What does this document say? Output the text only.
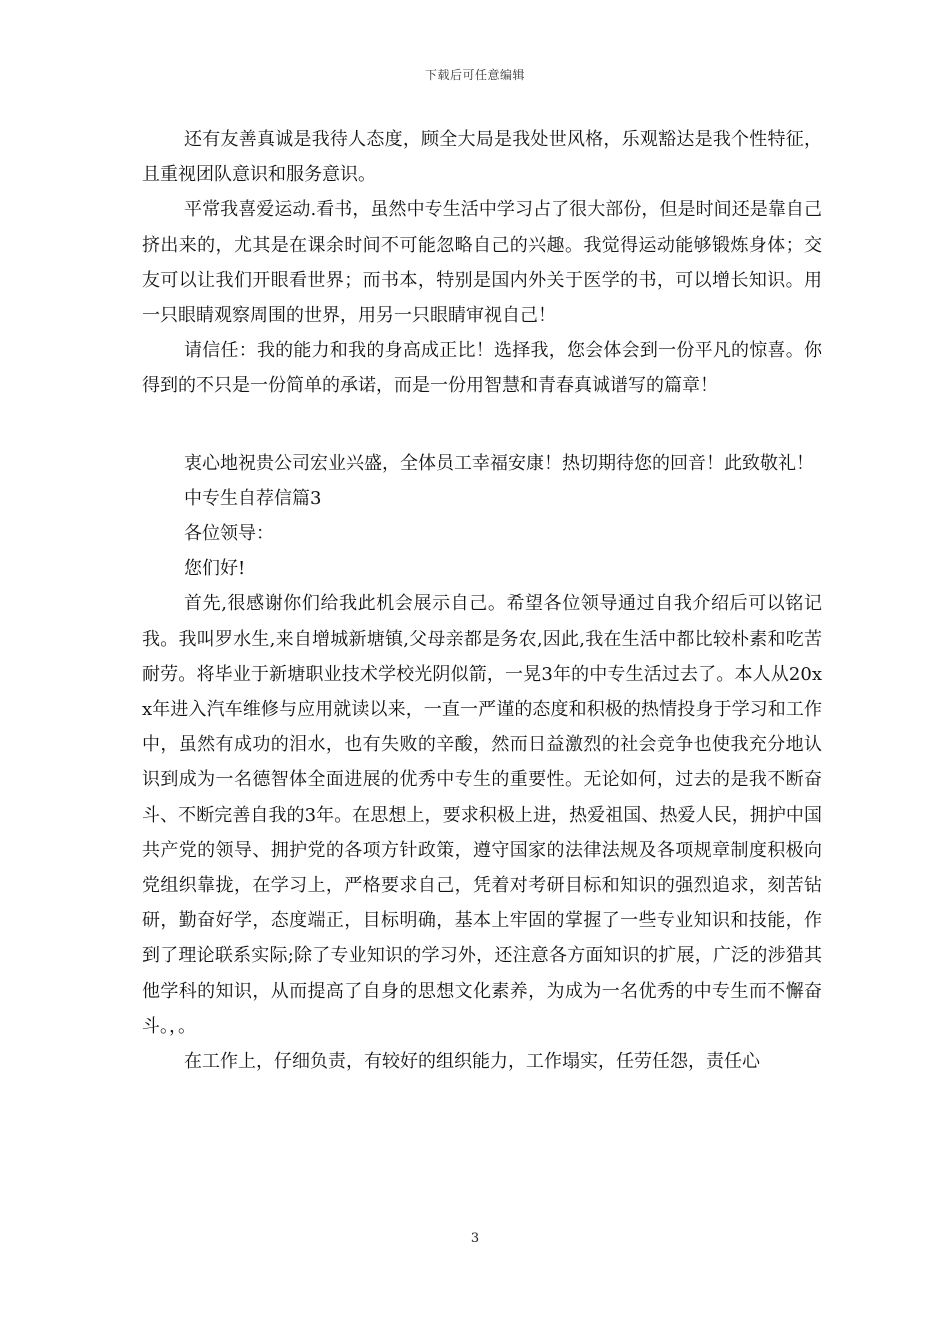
下载后可任意编辑

还有友善真诚是我待人态度，顾全大局是我处世风格，乐观豁达是我个性特征，且重视团队意识和服务意识。

平常我喜爱运动.看书，虽然中专生活中学习占了很大部份，但是时间还是靠自己挤出来的，尤其是在课余时间不可能忽略自己的兴趣。我觉得运动能够锻炼身体；交友可以让我们开眼看世界；而书本，特别是国内外关于医学的书，可以增长知识。用一只眼睛观察周围的世界，用另一只眼睛审视自己！

请信任：我的能力和我的身高成正比！选择我，您会体会到一份平凡的惊喜。你得到的不只是一份简单的承诺，而是一份用智慧和青春真诚谱写的篇章！

衷心地祝贵公司宏业兴盛，全体员工幸福安康！热切期待您的回音！此致敬礼！

中专生自荐信篇3

各位领导：

您们好!

首先,很感谢你们给我此机会展示自己。希望各位领导通过自我介绍后可以铭记我。我叫罗水生,来自增城新塘镇,父母亲都是务农,因此,我在生活中都比较朴素和吃苦耐劳。将毕业于新塘职业技术学校光阴似箭，一晃3年的中专生活过去了。本人从20xx年进入汽车维修与应用就读以来，一直一严谨的态度和积极的热情投身于学习和工作中，虽然有成功的泪水，也有失败的辛酸，然而日益激烈的社会竞争也使我充分地认识到成为一名德智体全面进展的优秀中专生的重要性。无论如何，过去的是我不断奋斗、不断完善自我的3年。在思想上，要求积极上进，热爱祖国、热爱人民，拥护中国共产党的领导、拥护党的各项方针政策，遵守国家的法律法规及各项规章制度积极向党组织靠拢，在学习上，严格要求自己，凭着对考研目标和知识的强烈追求，刻苦钻研，勤奋好学，态度端正，目标明确，基本上牢固的掌握了一些专业知识和技能，作到了理论联系实际;除了专业知识的学习外，还注意各方面知识的扩展，广泛的涉猎其他学科的知识，从而提高了自身的思想文化素养，为成为一名优秀的中专生而不懈奋斗。，。

在工作上，仔细负责，有较好的组织能力，工作塌实，任劳任怨，责任心

3
